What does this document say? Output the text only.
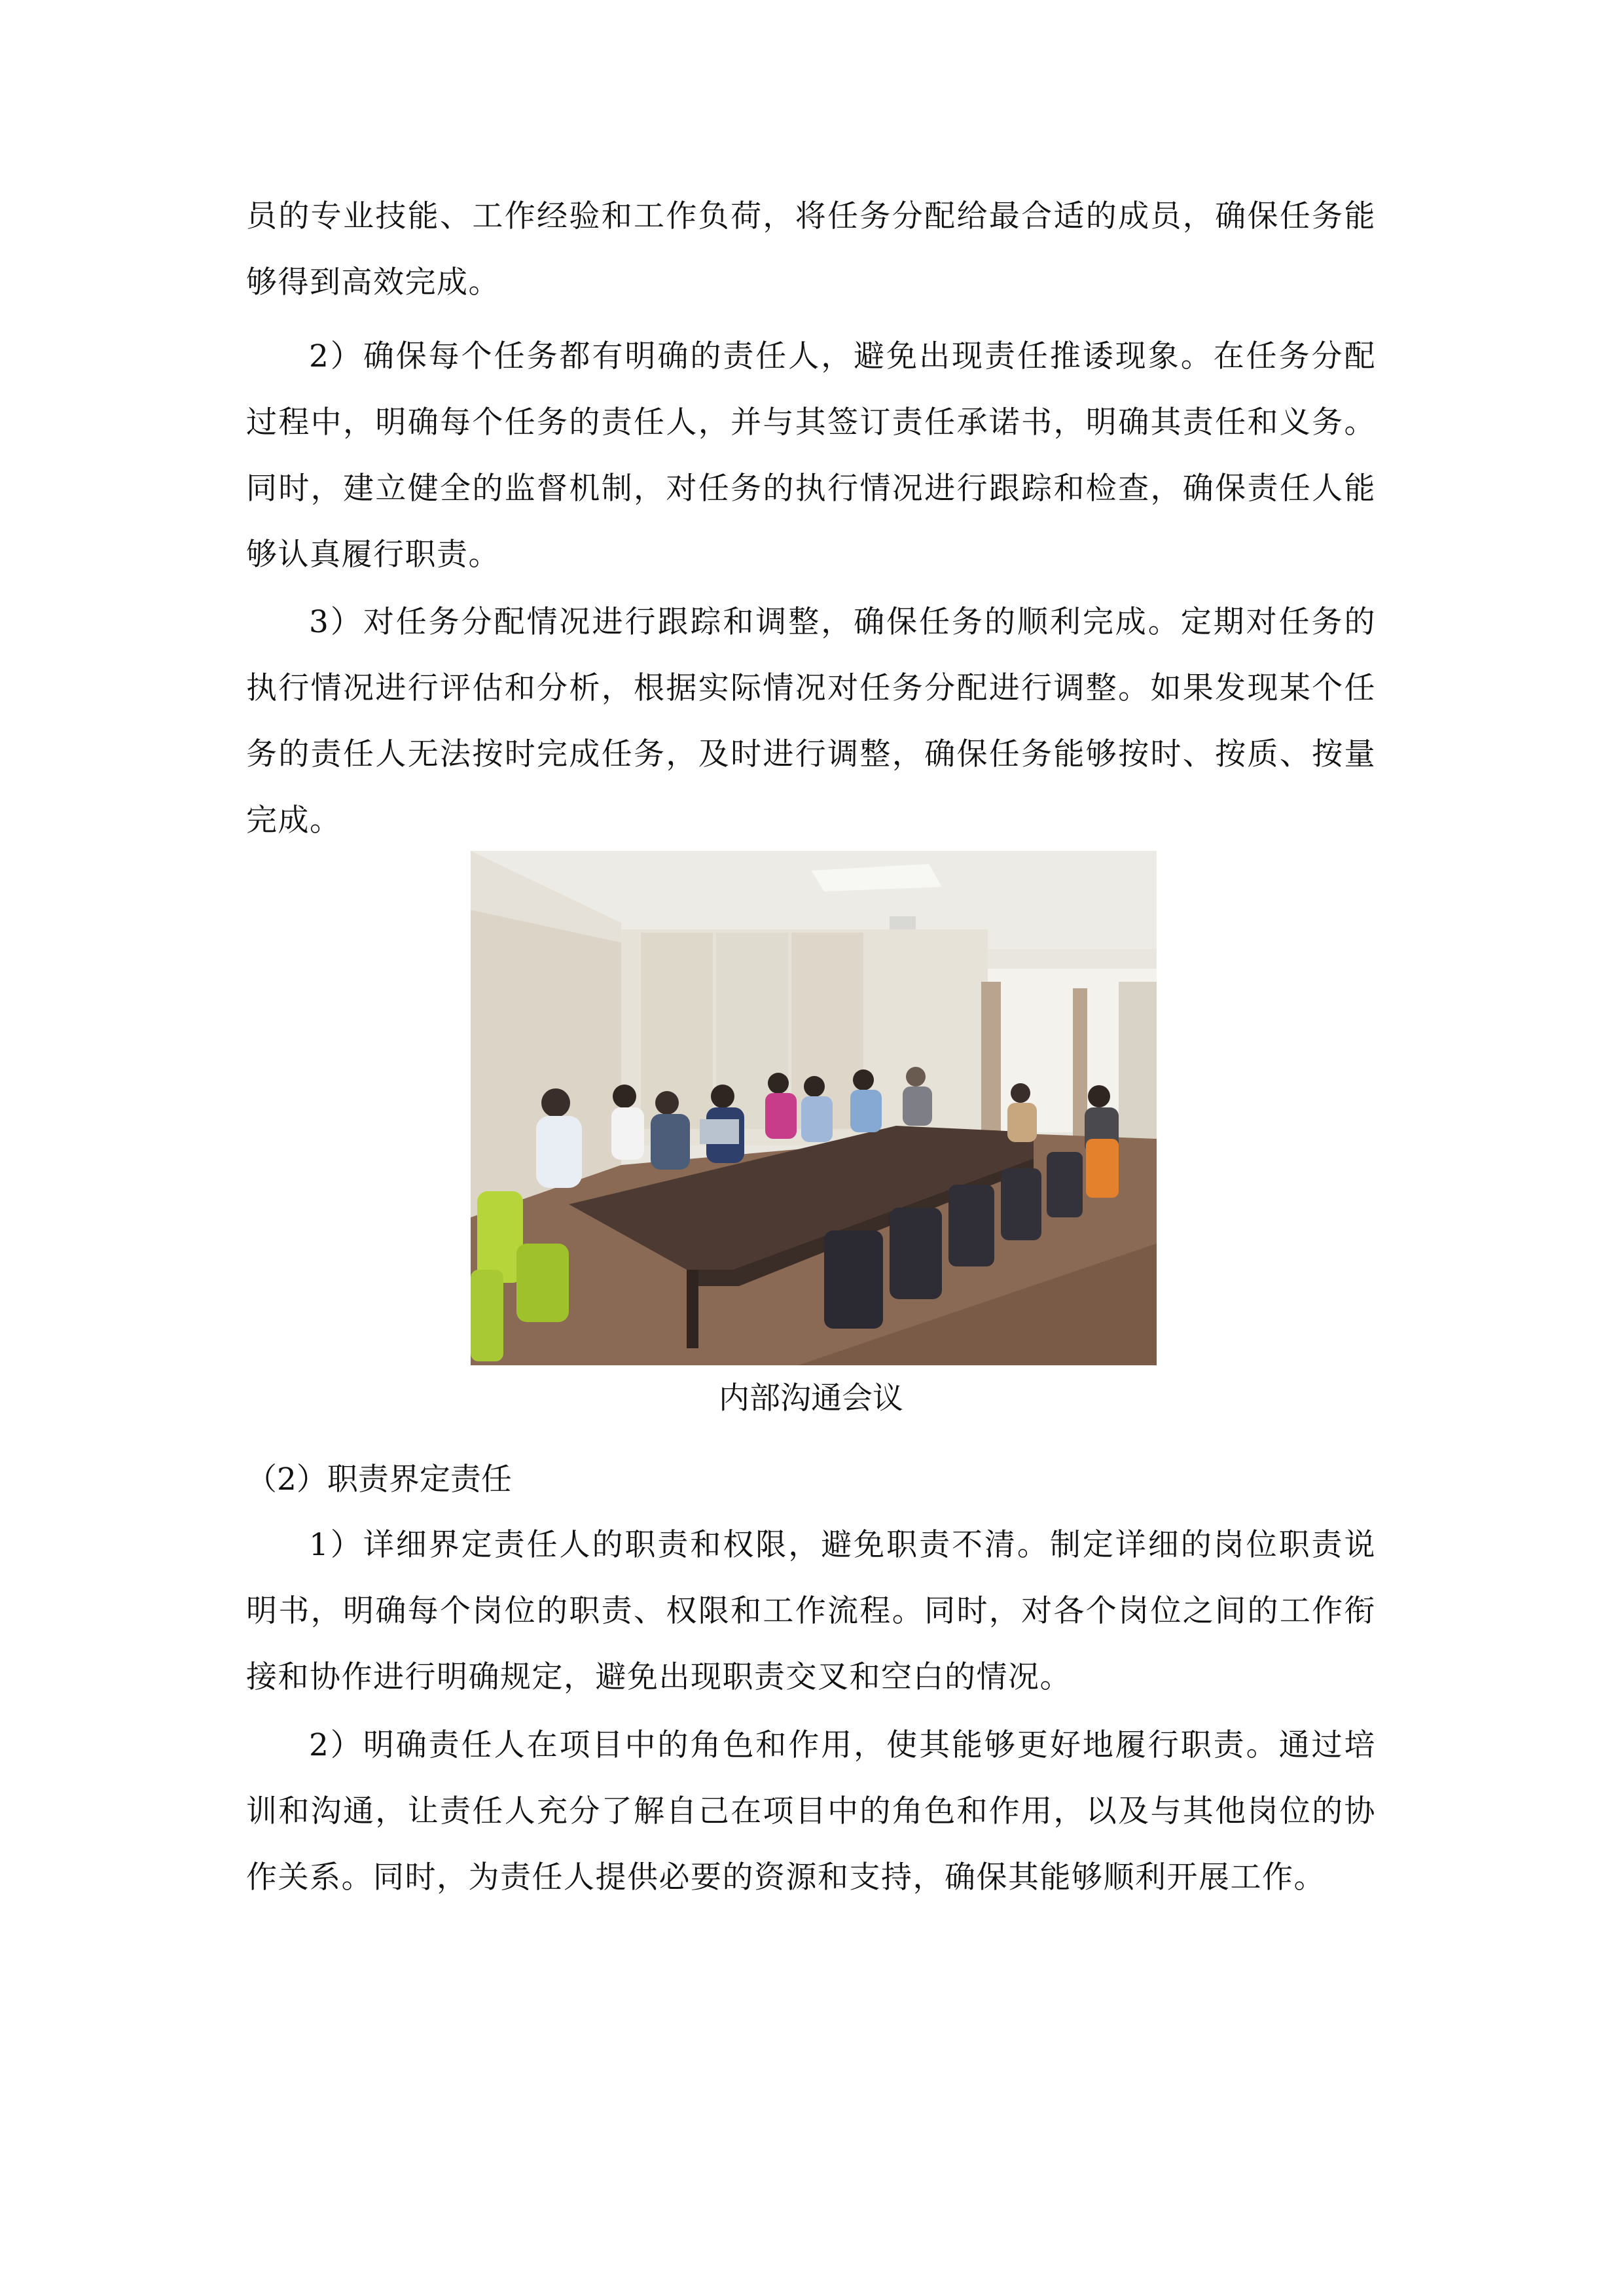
员的专业技能、工作经验和工作负荷，将任务分配给最合适的成员，确保任务能够得到高效完成。

2）确保每个任务都有明确的责任人，避免出现责任推诿现象。在任务分配过程中，明确每个任务的责任人，并与其签订责任承诺书，明确其责任和义务。同时，建立健全的监督机制，对任务的执行情况进行跟踪和检查，确保责任人能够认真履行职责。

3）对任务分配情况进行跟踪和调整，确保任务的顺利完成。定期对任务的执行情况进行评估和分析，根据实际情况对任务分配进行调整。如果发现某个任务的责任人无法按时完成任务，及时进行调整，确保任务能够按时、按质、按量完成。

内部沟通会议

（2）职责界定责任

1）详细界定责任人的职责和权限，避免职责不清。制定详细的岗位职责说明书，明确每个岗位的职责、权限和工作流程。同时，对各个岗位之间的工作衔接和协作进行明确规定，避免出现职责交叉和空白的情况。

2）明确责任人在项目中的角色和作用，使其能够更好地履行职责。通过培训和沟通，让责任人充分了解自己在项目中的角色和作用，以及与其他岗位的协作关系。同时，为责任人提供必要的资源和支持，确保其能够顺利开展工作。
